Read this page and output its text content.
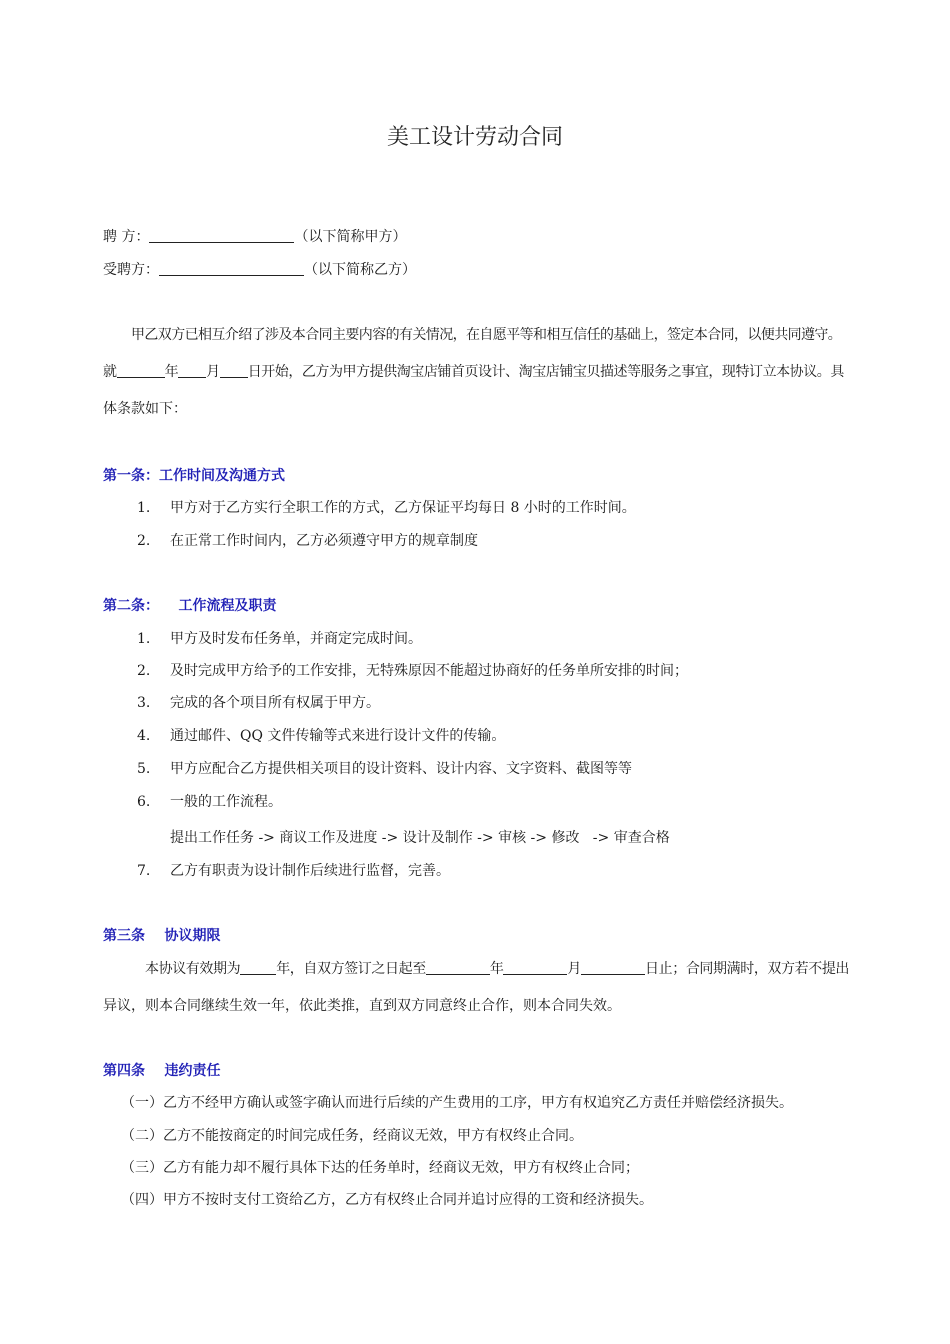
美工设计劳动合同
聘 方：	（以下简称甲方）
受聘方：	（以下简称乙方）
甲乙双方已相互介绍了涉及本合同主要内容的有关情况，在自愿平等和相互信任的基础上，签定本合同，以便共同遵守。
就	年 月 日开始，乙方为甲方提供淘宝店铺首页设计、淘宝店铺宝贝描述等服务之事宜，现特订立本协议。具
体条款如下：
第一条：工作时间及沟通方式
1. 甲方对于乙方实行全职工作的方式，乙方保证平均每日 8 小时的工作时间。
2. 在正常工作时间内，乙方必须遵守甲方的规章制度
第二条：    工作流程及职责
1. 甲方及时发布任务单，并商定完成时间。
2. 及时完成甲方给予的工作安排，无特殊原因不能超过协商好的任务单所安排的时间；
3. 完成的各个项目所有权属于甲方。
4. 通过邮件、QQ 文件传输等式来进行设计文件的传输。
5. 甲方应配合乙方提供相关项目的设计资料、设计内容、文字资料、截图等等
6. 一般的工作流程。
提出工作任务 -> 商议工作及进度 -> 设计及制作 -> 审核 -> 修改   -> 审查合格
7. 乙方有职责为设计制作后续进行监督，完善。
第三条    协议期限
本协议有效期为	年，自双方签订之日起至	年	月	日止；合同期满时，双方若不提出
异议，则本合同继续生效一年，依此类推，直到双方同意终止合作，则本合同失效。
第四条    违约责任
（一）乙方不经甲方确认或签字确认而进行后续的产生费用的工序，甲方有权追究乙方责任并赔偿经济损失。
（二）乙方不能按商定的时间完成任务，经商议无效，甲方有权终止合同。
（三）乙方有能力却不履行具体下达的任务单时，经商议无效，甲方有权终止合同；
（四）甲方不按时支付工资给乙方，乙方有权终止合同并追讨应得的工资和经济损失。
